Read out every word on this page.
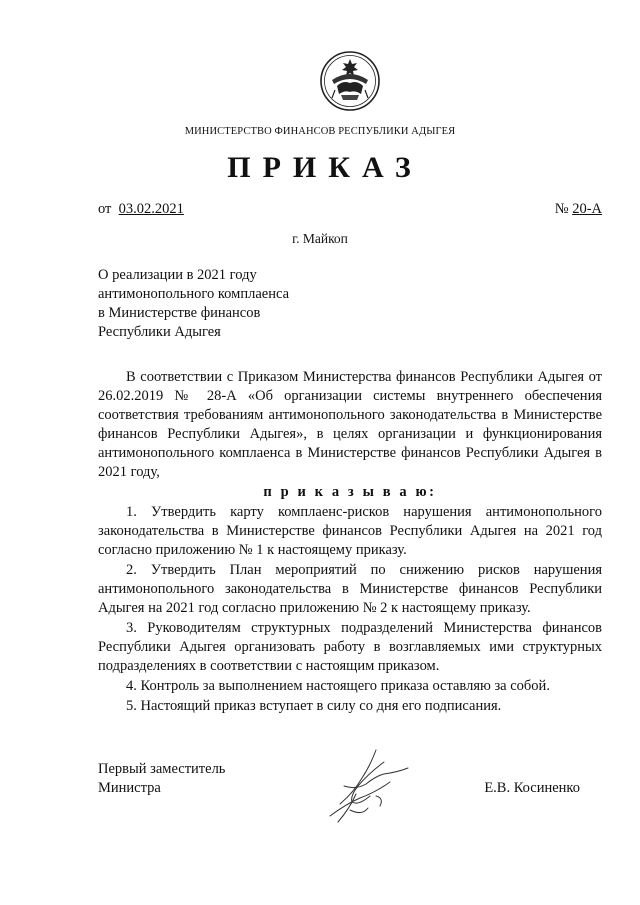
МИНИСТЕРСТВО ФИНАНСОВ РЕСПУБЛИКИ АДЫГЕЯ
ПРИКАЗ
от 03.02.2021	№ 20-А
г. Майкоп
О реализации в 2021 году
антимонопольного комплаенса
в Министерстве финансов
Республики Адыгея

В соответствии с Приказом Министерства финансов Республики Адыгея от 26.02.2019 № 28-А «Об организации системы внутреннего обеспечения соответствия требованиям антимонопольного законодательства в Министерстве финансов Республики Адыгея», в целях организации и функционирования антимонопольного комплаенса в Министерстве финансов Республики Адыгея в 2021 году,

п р и к а з ы в а ю:

1. Утвердить карту комплаенс-рисков нарушения антимонопольного законодательства в Министерстве финансов Республики Адыгея на 2021 год согласно приложению № 1 к настоящему приказу.

2. Утвердить План мероприятий по снижению рисков нарушения антимонопольного законодательства в Министерстве финансов Республики Адыгея на 2021 год согласно приложению № 2 к настоящему приказу.

3. Руководителям структурных подразделений Министерства финансов Республики Адыгея организовать работу в возглавляемых ими структурных подразделениях в соответствии с настоящим приказом.

4. Контроль за выполнением настоящего приказа оставляю за собой.

5. Настоящий приказ вступает в силу со дня его подписания.

Первый заместитель
Министра	Е.В. Косиненко
